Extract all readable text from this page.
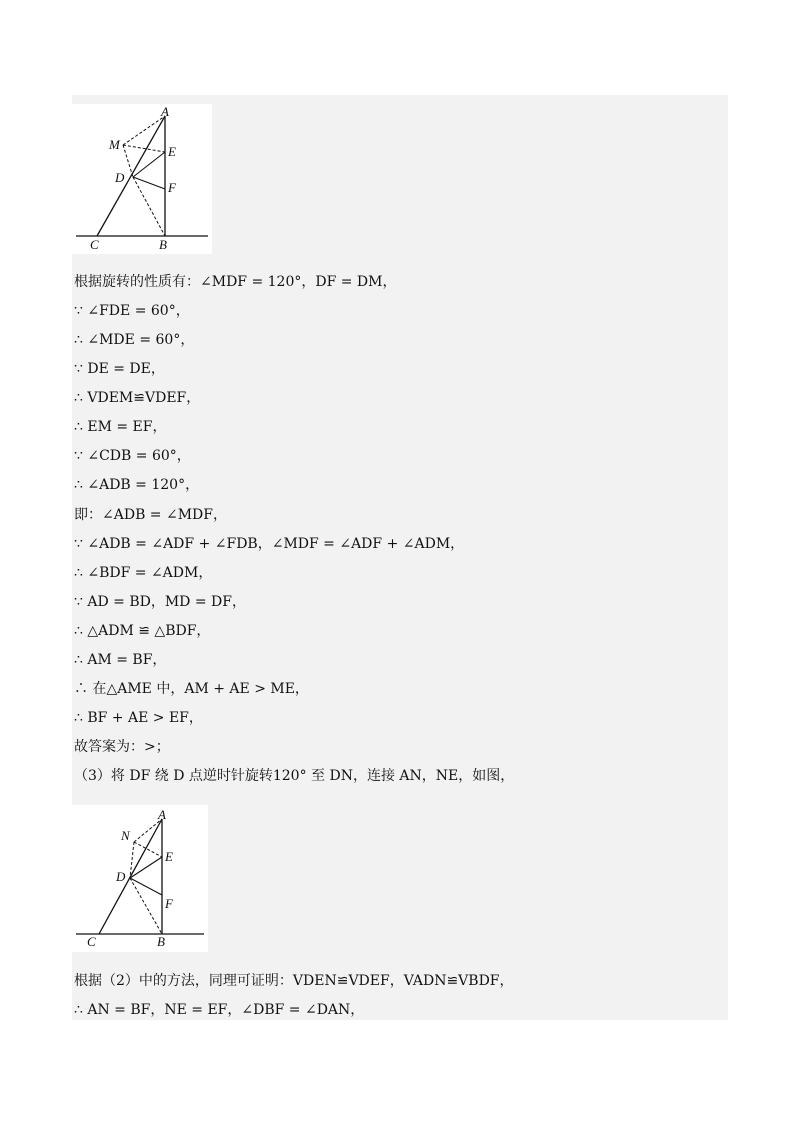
A
M	E
D
F
C	B
根据旋转的性质有：∠MDF = 120°，DF = DM，
∵ ∠FDE = 60°，
∴ ∠MDE = 60°，
∵ DE = DE，
∴ VDEM≌VDEF，
∴ EM = EF，
∵ ∠CDB = 60°，
∴ ∠ADB = 120°，
即：∠ADB = ∠MDF，
∵ ∠ADB = ∠ADF + ∠FDB，∠MDF = ∠ADF + ∠ADM，
∴ ∠BDF = ∠ADM，
∵ AD = BD，MD = DF，
∴ △ADM ≌ △BDF，
∴ AM = BF，
∴ 在△AME 中，AM + AE > ME，
∴ BF + AE > EF，
故答案为：>；
（3）将 DF 绕 D 点逆时针旋转120° 至 DN，连接 AN，NE，如图，
A
N
E
D
F
C	B
根据（2）中的方法，同理可证明：VDEN≌VDEF，VADN≌VBDF，
∴ AN = BF，NE = EF，∠DBF = ∠DAN，
